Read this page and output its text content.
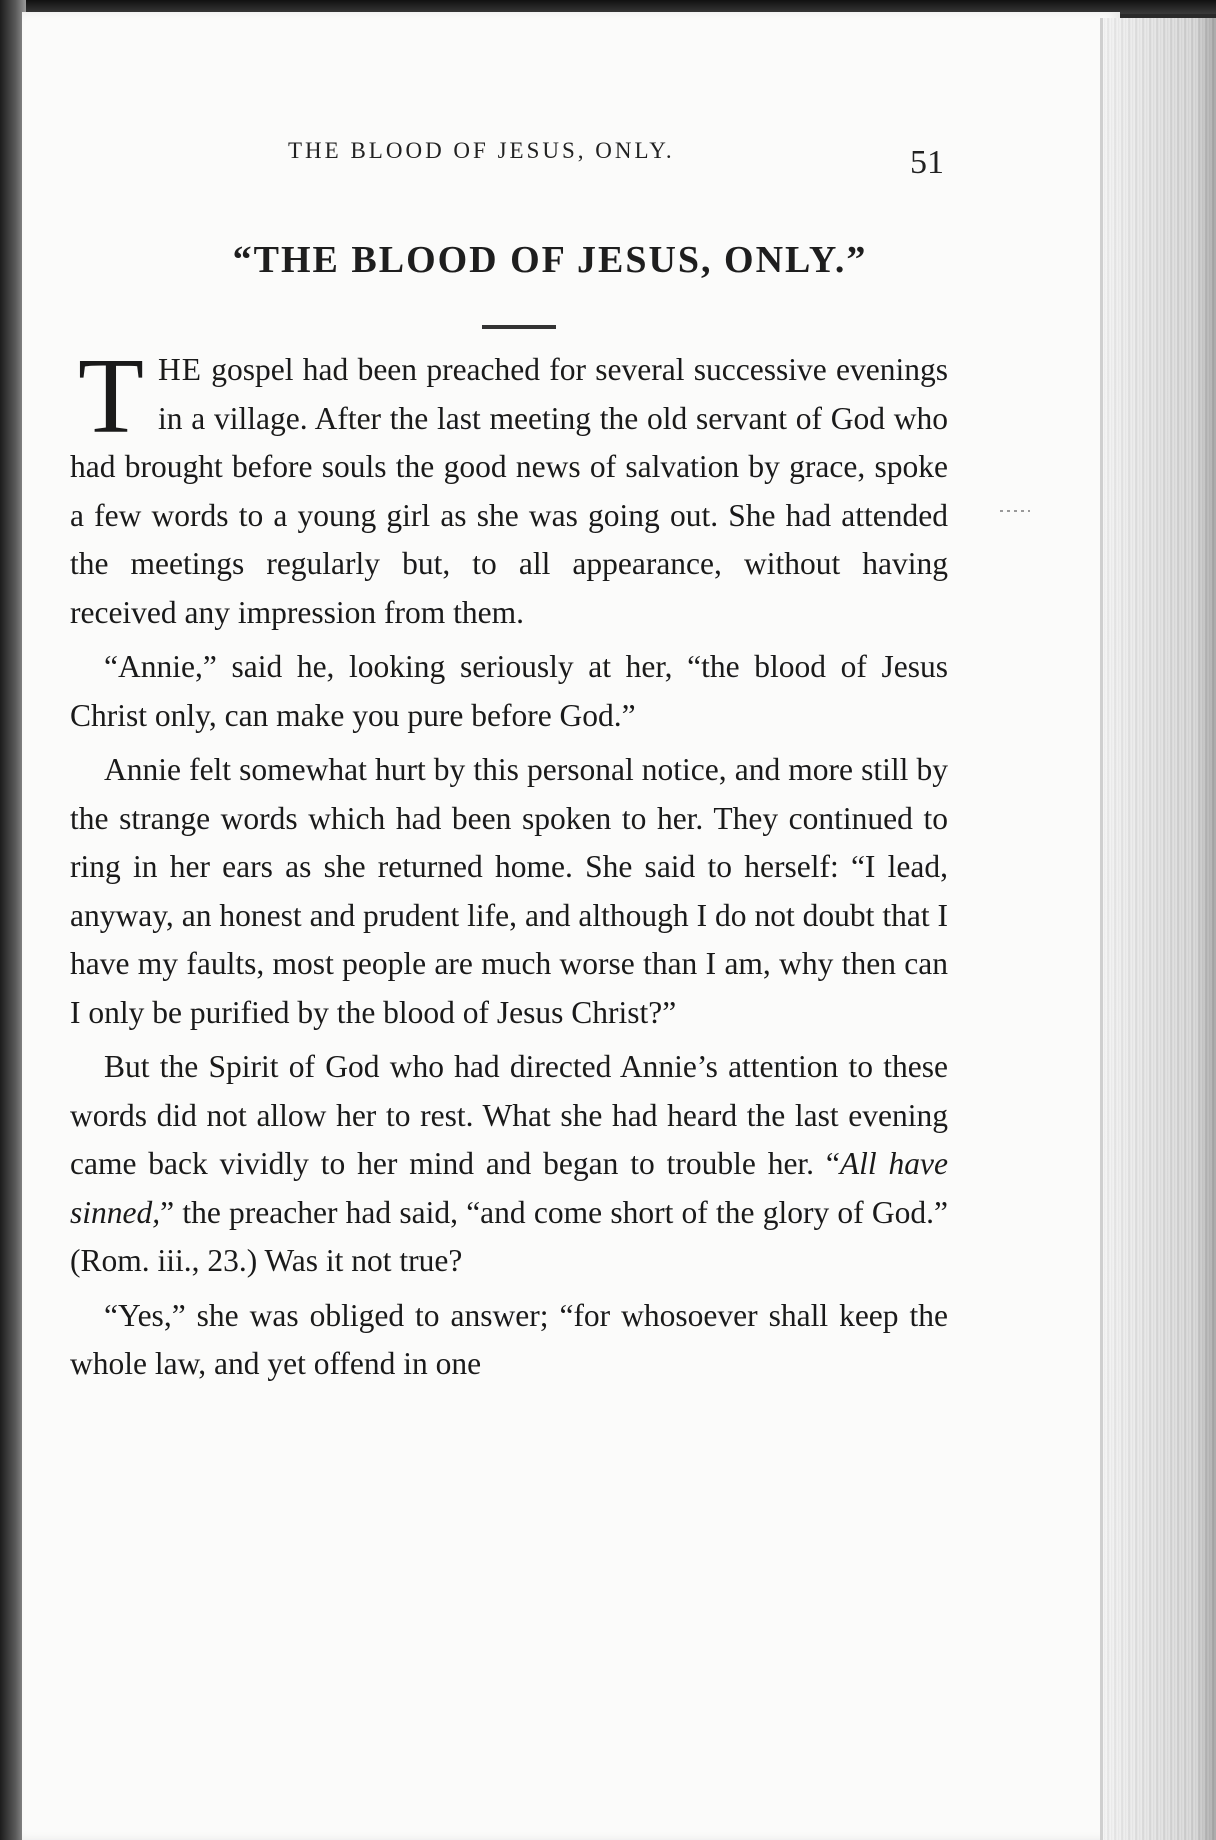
THE BLOOD OF JESUS, ONLY.	51
“THE BLOOD OF JESUS, ONLY.”

THE gospel had been preached for several successive evenings in a village. After the last meeting the old servant of God who had brought before souls the good news of salvation by grace, spoke a few words to a young girl as she was going out. She had attended the meetings regularly but, to all appearance, without having received any impression from them.

“Annie,” said he, looking seriously at her, “the blood of Jesus Christ only, can make you pure before God.”

Annie felt somewhat hurt by this personal notice, and more still by the strange words which had been spoken to her. They continued to ring in her ears as she returned home. She said to herself: “I lead, anyway, an honest and prudent life, and although I do not doubt that I have my faults, most people are much worse than I am, why then can I only be purified by the blood of Jesus Christ?”

But the Spirit of God who had directed Annie’s attention to these words did not allow her to rest. What she had heard the last evening came back vividly to her mind and began to trouble her. “All have sinned,” the preacher had said, “and come short of the glory of God.” (Rom. iii., 23.) Was it not true?

“Yes,” she was obliged to answer; “for whosoever shall keep the whole law, and yet offend in one
